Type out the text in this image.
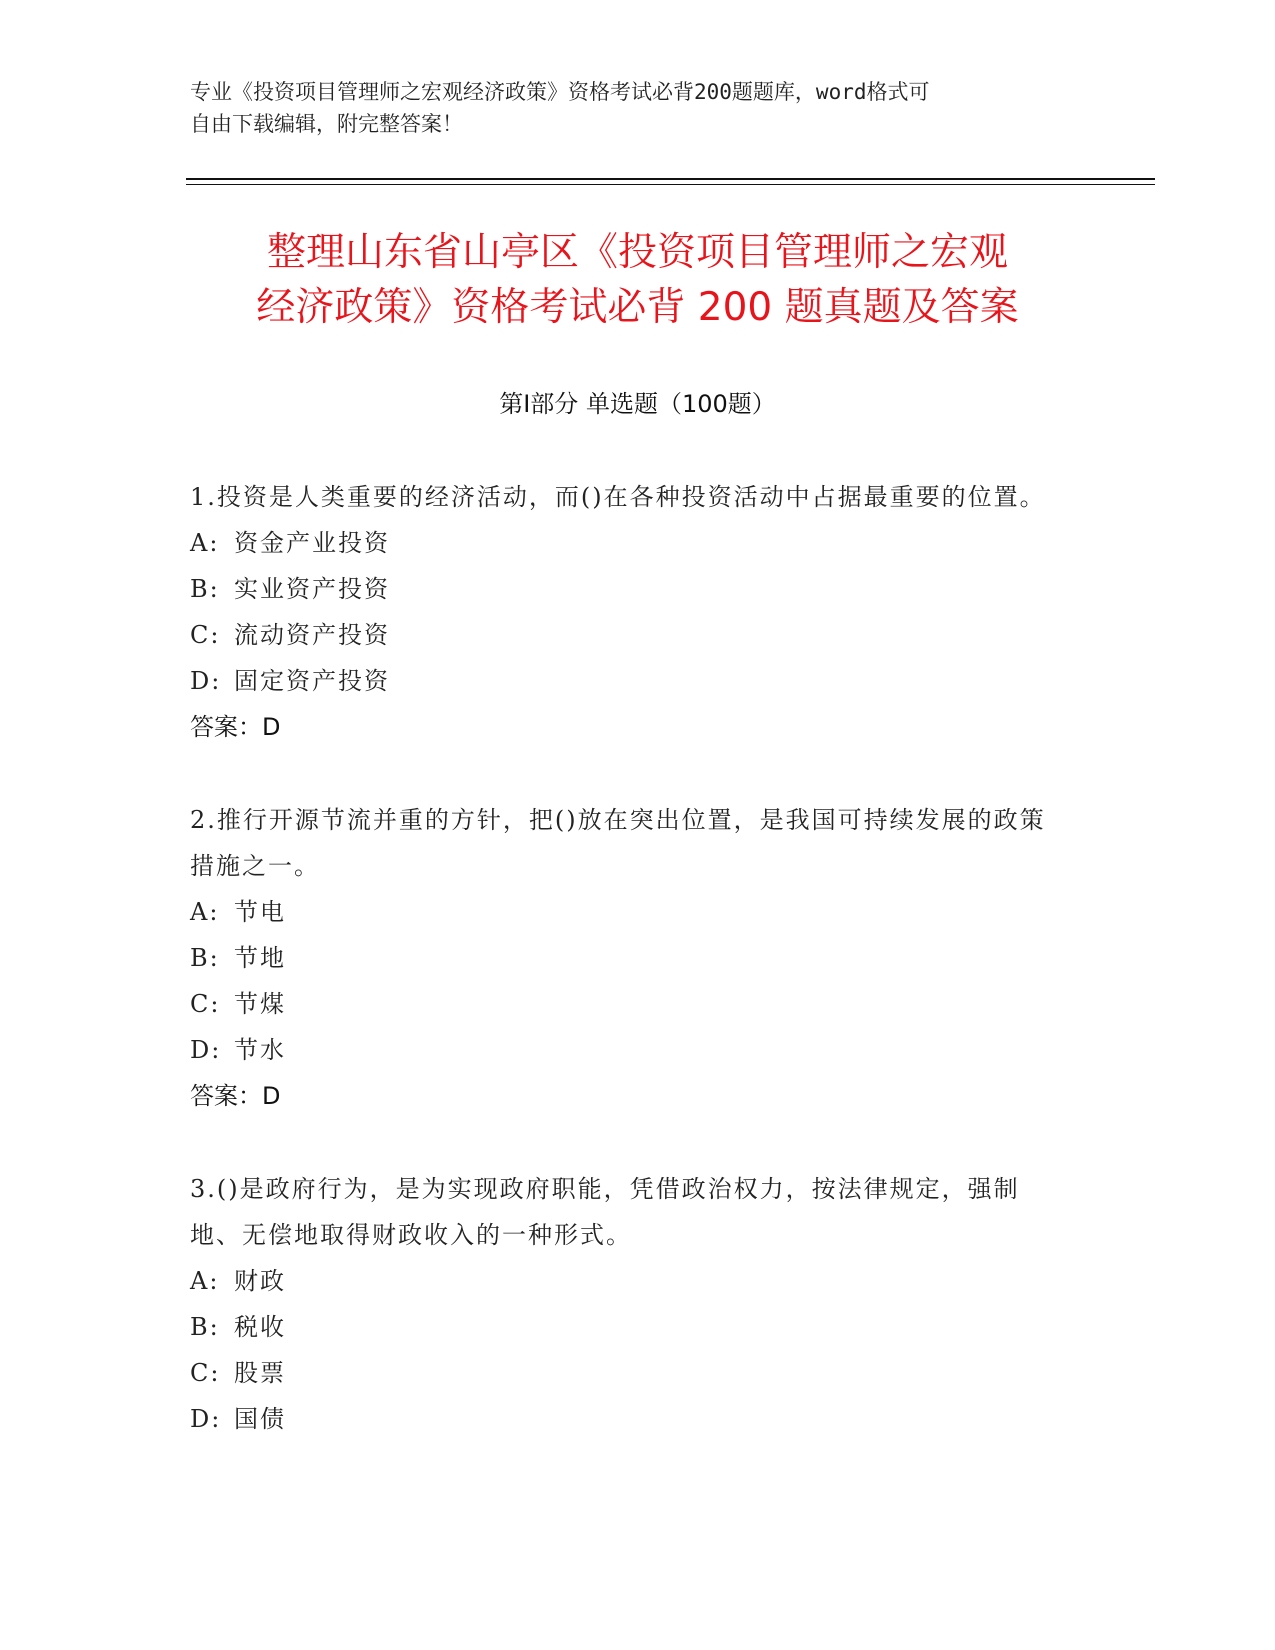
专业《投资项目管理师之宏观经济政策》资格考试必背200题题库，word格式可
自由下载编辑，附完整答案！
整理山东省山亭区《投资项目管理师之宏观
经济政策》资格考试必背 200 题真题及答案
第Ⅰ部分 单选题（100题）

1.投资是人类重要的经济活动，而()在各种投资活动中占据最重要的位置。

A: 资金产业投资
B: 实业资产投资
C: 流动资产投资
D: 固定资产投资
答案：D

2.推行开源节流并重的方针，把()放在突出位置，是我国可持续发展的政策措施之一。

A: 节电
B: 节地
C: 节煤
D: 节水
答案：D

3.()是政府行为，是为实现政府职能，凭借政治权力，按法律规定，强制地、无偿地取得财政收入的一种形式。

A: 财政
B: 税收
C: 股票
D: 国债
